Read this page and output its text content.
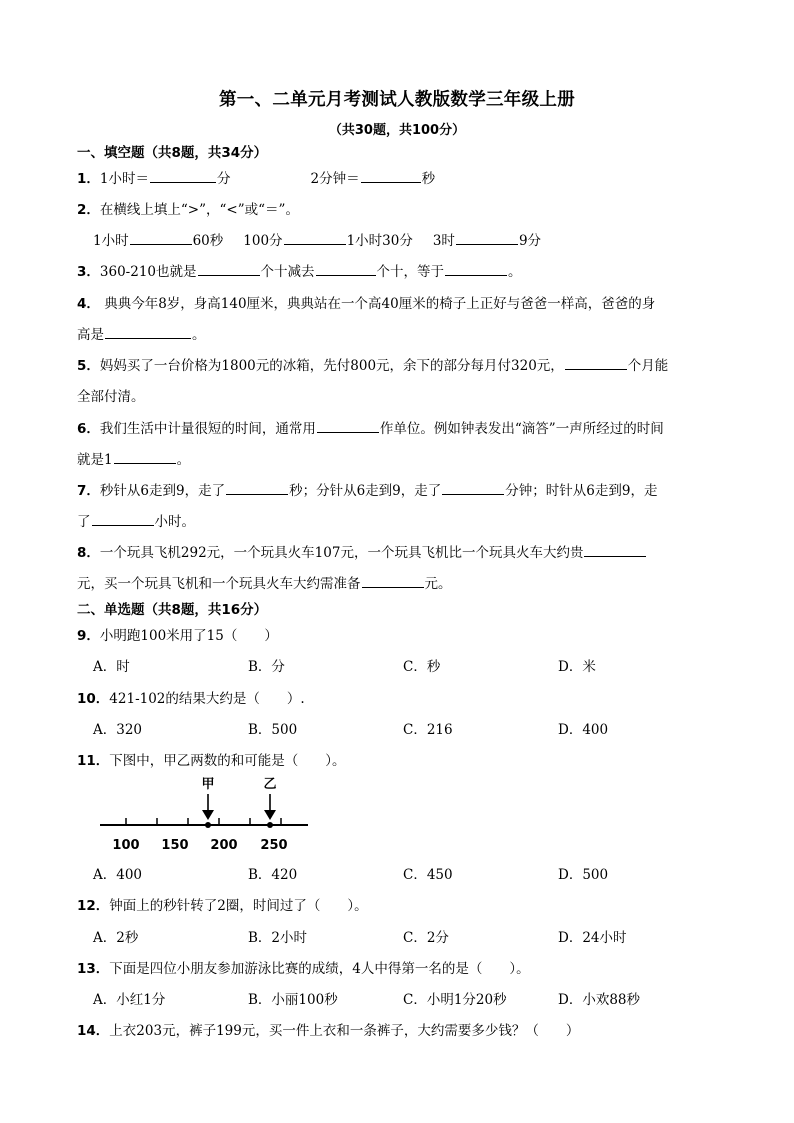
第一、二单元月考测试人教版数学三年级上册
（共30题，共100分）
一、填空题（共8题，共34分）
1．1小时＝	分	2分钟＝	秒
2．在横线上填上“>”，“<”或“＝”。
1小时	60秒 100分	1小时30分 3时	9分
3．360-210也就是	个十减去	个十，等于	。
4． 典典今年8岁，身高140厘米，典典站在一个高40厘米的椅子上正好与爸爸一样高，爸爸的身
高是	。
5．妈妈买了一台价格为1800元的冰箱，先付800元，余下的部分每月付320元，	个月能
全部付清。
6．我们生活中计量很短的时间，通常用	作单位。例如钟表发出“滴答”一声所经过的时间
就是1	。
7．秒针从6走到9，走了	秒；分针从6走到9，走了	分钟；时针从6走到9，走
了	小时。
8．一个玩具飞机292元，一个玩具火车107元，一个玩具飞机比一个玩具火车大约贵
元，买一个玩具飞机和一个玩具火车大约需准备	元。
二、单选题（共8题，共16分）
9．小明跑100米用了15（　　）
A．时	B．分	C．秒	D．米
10．421-102的结果大约是（　　）.
A．320	B．500	C．216	D．400
11．下图中，甲乙两数的和可能是（　　）。
甲	乙
100 150 200 250
A．400	B．420	C．450	D．500
12．钟面上的秒针转了2圈，时间过了（　　）。
A．2秒	B．2小时	C．2分	D．24小时
13．下面是四位小朋友参加游泳比赛的成绩，4人中得第一名的是（　　）。
A．小红1分	B．小丽100秒	C．小明1分20秒	D．小欢88秒
14．上衣203元，裤子199元，买一件上衣和一条裤子，大约需要多少钱？（　　）
